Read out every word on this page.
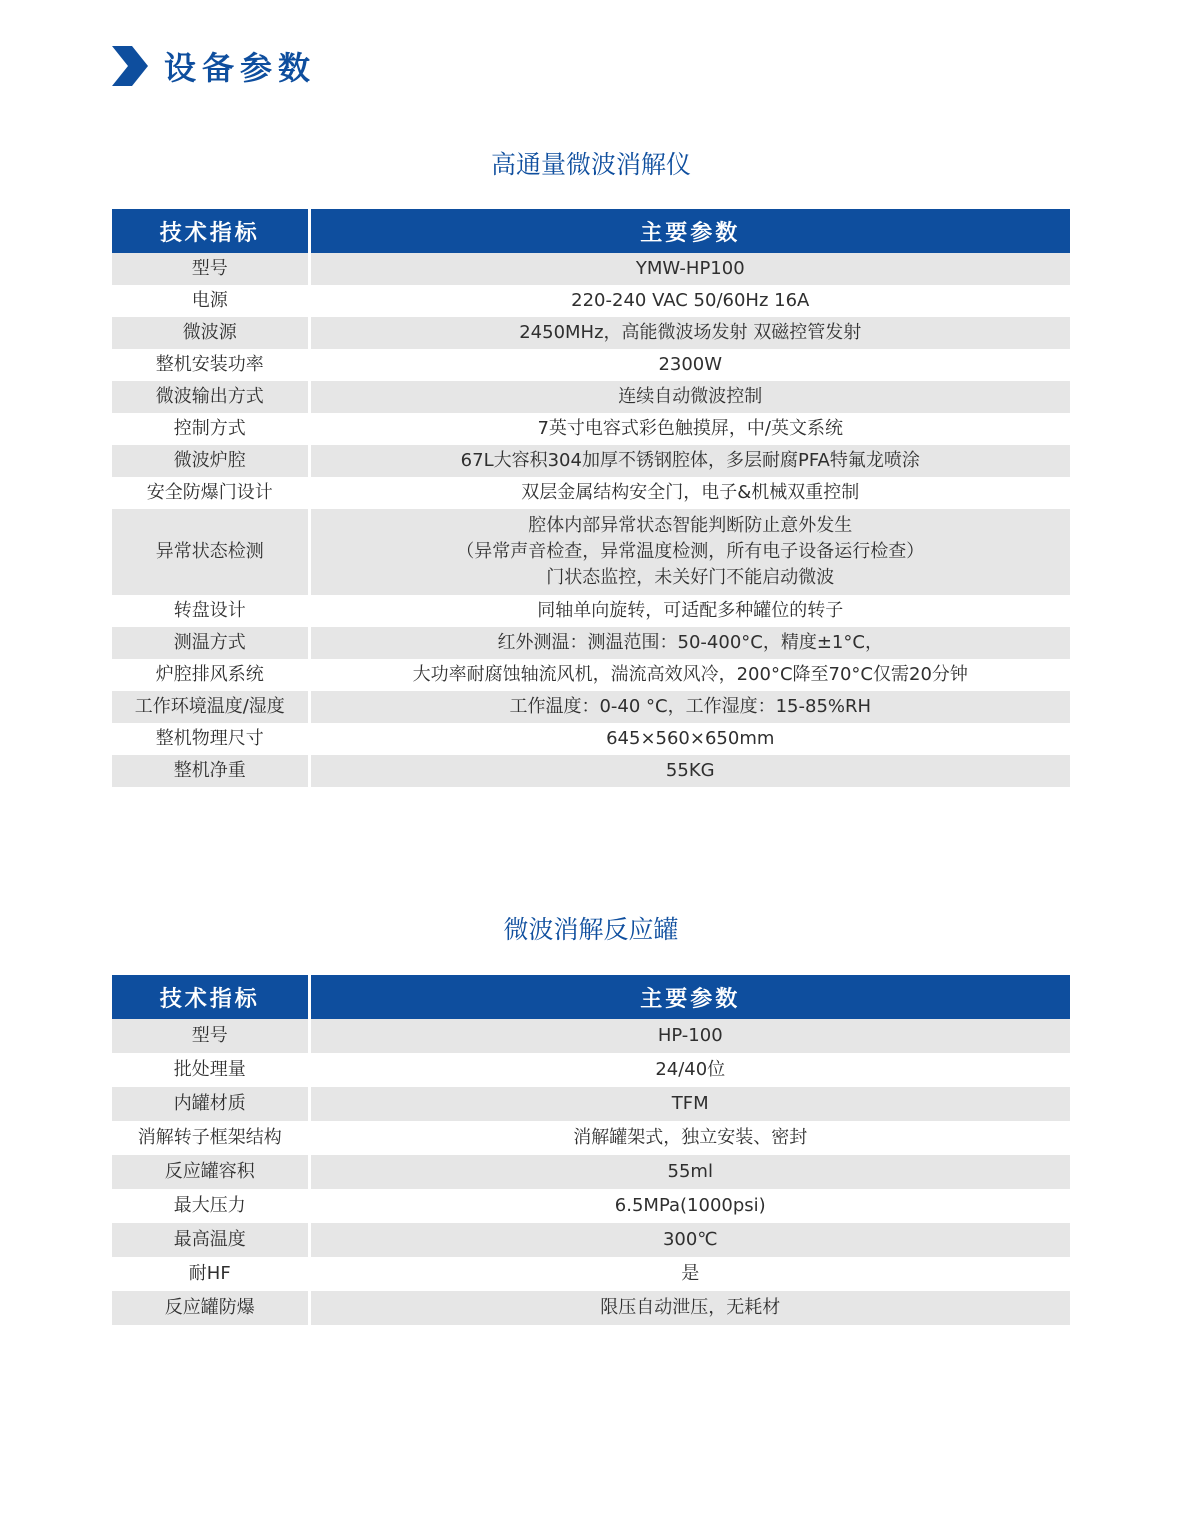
设备参数
高通量微波消解仪
技术指标	主要参数
型号	YMW-HP100
电源	220-240 VAC 50/60Hz 16A
微波源	2450MHz，高能微波场发射 双磁控管发射
整机安装功率	2300W
微波输出方式	连续自动微波控制
控制方式	7英寸电容式彩色触摸屏，中/英文系统
微波炉腔	67L大容积304加厚不锈钢腔体，多层耐腐PFA特氟龙喷涂
安全防爆门设计	双层金属结构安全门，电子&机械双重控制
异常状态检测	腔体内部异常状态智能判断防止意外发生
（异常声音检查，异常温度检测，所有电子设备运行检查）
门状态监控，未关好门不能启动微波
转盘设计	同轴单向旋转，可适配多种罐位的转子
测温方式	红外测温：测温范围：50-400°C，精度±1°C，
炉腔排风系统	大功率耐腐蚀轴流风机，湍流高效风冷，200°C降至70°C仅需20分钟
工作环境温度/湿度	工作温度：0-40 °C，工作湿度：15-85%RH
整机物理尺寸	645×560×650mm
整机净重	55KG
微波消解反应罐
技术指标	主要参数
型号	HP-100
批处理量	24/40位
内罐材质	TFM
消解转子框架结构	消解罐架式，独立安装、密封
反应罐容积	55ml
最大压力	6.5MPa(1000psi)
最高温度	300℃
耐HF	是
反应罐防爆	限压自动泄压，无耗材
